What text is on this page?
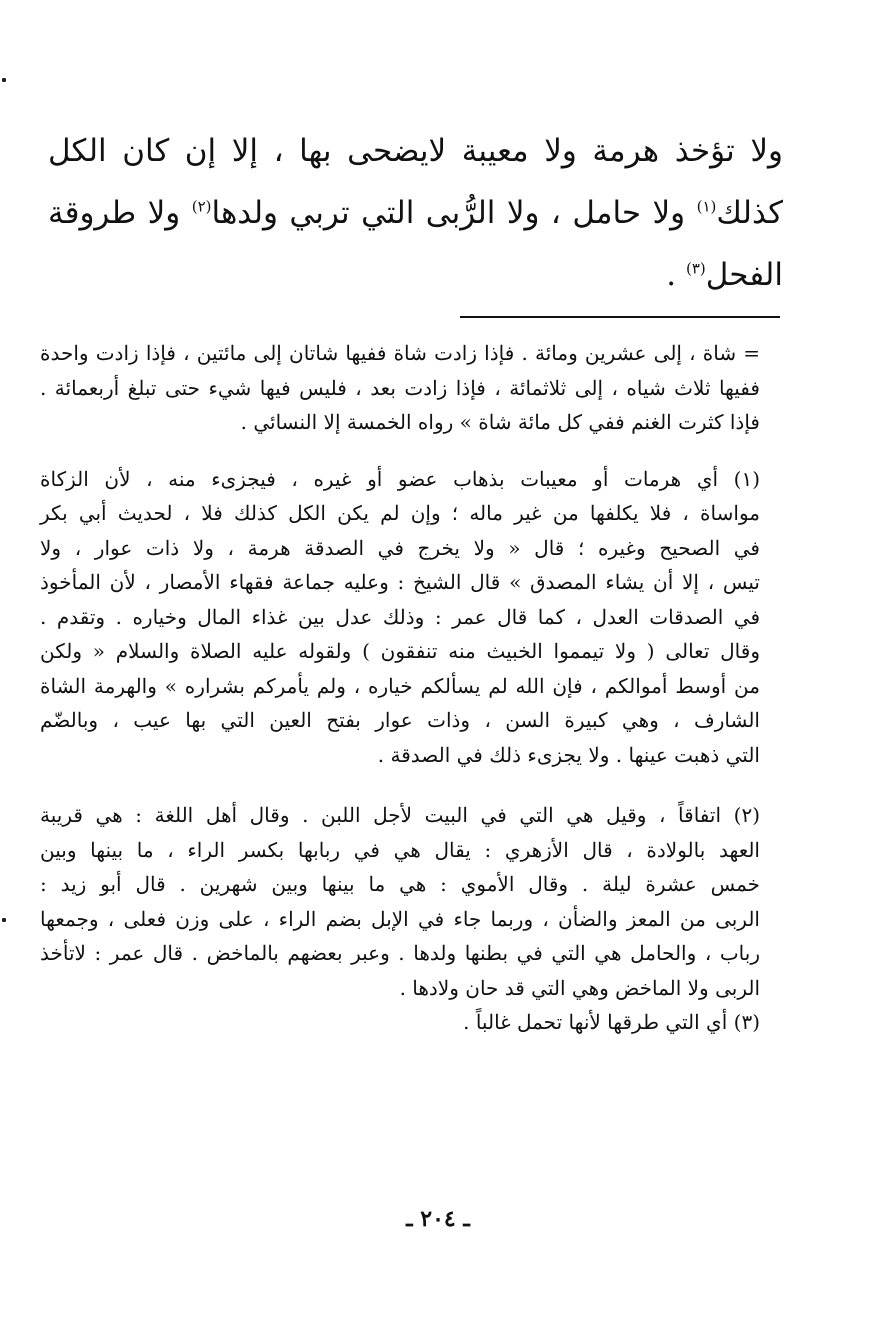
ولا تؤخذ هرمة ولا معيبة لايضحى بها ، إلا إن كان الكل
كذلك$^{(١)}$ ولا حامل ، ولا الرُّبى التي تربي ولدها$^{(٢)}$ ولا طروقة
الفحل$^{(٣)}$ .
= شاة ، إلى عشرين ومائة . فإذا زادت شاة ففيها شاتان إلى مائتين ، فإذا زادت واحدة
ففيها ثلاث شياه ، إلى ثلاثمائة ، فإذا زادت بعد ، فليس فيها شيء حتى تبلغ أربعمائة .
فإذا كثرت الغنم ففي كل مائة شاة » رواه الخمسة إلا النسائي .
(١) أي هرمات أو معيبات بذهاب عضو أو غيره ، فيجزىء منه ، لأن الزكاة
مواساة ، فلا يكلفها من غير ماله ؛ وإن لم يكن الكل كذلك فلا ، لحديث أبي بكر
في الصحيح وغيره ؛ قال « ولا يخرج في الصدقة هرمة ، ولا ذات عوار ، ولا
تيس ، إلا أن يشاء المصدق » قال الشيخ : وعليه جماعة فقهاء الأمصار ، لأن المأخوذ
في الصدقات العدل ، كما قال عمر : وذلك عدل بين غذاء المال وخياره . وتقدم .
وقال تعالى ( ولا تيمموا الخبيث منه تنفقون ) ولقوله عليه الصلاة والسلام « ولكن
من أوسط أموالكم ، فإن الله لم يسألكم خياره ، ولم يأمركم بشراره » والهرمة الشاة
الشارف ، وهي كبيرة السن ، وذات عوار بفتح العين التي بها عيب ، وبالضّم
التي ذهبت عينها . ولا يجزىء ذلك في الصدقة .
(٢) اتفاقاً ، وقيل هي التي في البيت لأجل اللبن . وقال أهل اللغة : هي قريبة
العهد بالولادة ، قال الأزهري : يقال هي في ربابها بكسر الراء ، ما بينها وبين
خمس عشرة ليلة . وقال الأموي : هي ما بينها وبين شهرين . قال أبو زيد :
الربى من المعز والضأن ، وربما جاء في الإبل بضم الراء ، على وزن فعلى ، وجمعها
رباب ، والحامل هي التي في بطنها ولدها . وعبر بعضهم بالماخض . قال عمر : لاتأخذ
الربى ولا الماخض وهي التي قد حان ولادها .
(٣) أي التي طرقها لأنها تحمل غالباً .
ـ ٢٠٤ ـ
